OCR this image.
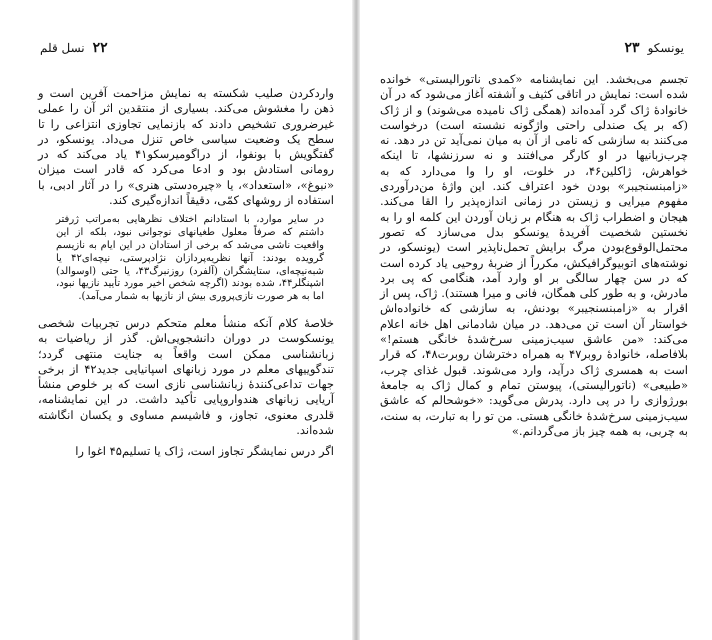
۲۲
نسل قلم

واردکردن صلیب شکسته به نمایش مزاحمت آفرین است و ذهن را مغشوش می‌کند. بسیاری از منتقدین اثر آن را عملی غیرضروری تشخیص دادند که بازنمایی تجاوزی انتزاعی را تا سطح یک وضعیت سیاسی خاص تنزل می‌داد. یونسکو، در گفتگویش با بونفوا، از دراگومیرسکو۴۱ یاد می‌کند که در رومانی استادش بود و ادعا می‌کرد که قادر است میزان «نبوغ»، «استعداد»، یا «چیره‌دستی هنری» را در آثار ادبی، با استفاده از روشهای کمّی، دقیقاً اندازه‌گیری کند.

در سایر موارد، با استادانم اختلاف نظرهایی به‌مراتب ژرفتر داشتم که صرفاً معلول طغیانهای نوجوانی نبود، بلکه از این واقعیت ناشی می‌شد که برخی از استادان در این ایام به نازیسم گرویده بودند: آنها نظریه‌پردازان نژادپرستی، نیچه‌ای۴۲ یا شبه‌نیچه‌ای، ستایشگران (آلفرد) روزنبرگ۴۳، یا حتی (اوسوالد) اشپنگلر۴۴، شده بودند (اگرچه شخص اخیر مورد تأیید نازیها نبود، اما به هر صورت نازی‌پروری بیش از نازیها به شمار می‌آمد).

خلاصهٔ کلام آنکه منشأ معلم متحکم درس تجربیات شخصی یونسکوست در دوران دانشجویی‌اش. گذر از ریاضیات به زبانشناسی ممکن است واقعاً به جنایت منتهی گردد؛ تندگوییهای معلم در مورد زبانهای اسپانیایی جدید۴۲ از برخی جهات تداعی‌کنندهٔ زبانشناسی نازی است که بر خلوص منشأ آریایی زبانهای هندواروپایی تأکید داشت. در این نمایشنامه، قلدری معنوی، تجاوز، و فاشیسم مساوی و یکسان انگاشته شده‌اند.

اگر درس نمایشگر تجاوز است، ژاک یا تسلیم۴۵ اغوا را

یونسکو
۲۳

تجسم می‌بخشد. این نمایشنامه «کمدی ناتورالیستی» خوانده شده است: نمایش در اتاقی کثیف و آشفته آغاز می‌شود که در آن خانوادهٔ ژاک گرد آمده‌اند (همگی ژاک نامیده می‌شوند) و از ژاک (که بر یک صندلی راحتی واژگونه نشسته است) درخواست می‌کنند به سازشی که نامی از آن به میان نمی‌آید تن در دهد. نه چرب‌زبانیها در او کارگر می‌افتند و نه سرزنشها، تا اینکه خواهرش، ژاکلین۴۶، در خلوت، او را وا می‌دارد که به «زامبنسنجیبر» بودن خود اعتراف کند. این واژهٔ من‌درآوردی مفهوم میرایی و زیستن در زمانی اندازه‌پذیر را القا می‌کند. هیجان و اضطراب ژاک به هنگام بر زبان آوردن این کلمه او را به نخستین شخصیت آفریدهٔ یونسکو بدل می‌سازد که تصور محتمل‌الوقوع‌بودن مرگ برایش تحمل‌ناپذیر است (یونسکو، در نوشته‌های اتوبیوگرافیکش، مکرراً از ضربهٔ روحیی یاد کرده است که در سن چهار سالگی بر او وارد آمد، هنگامی که پی برد مادرش، و به طور کلی همگان، فانی و میرا هستند). ژاک، پس از اقرار به «زامبنسنجیبر» بودنش، به سازشی که خانواده‌اش خواستار آن است تن می‌دهد. در میان شادمانی اهل خانه اعلام می‌کند: «من عاشق سیب‌زمینی سرخ‌شدهٔ خانگی هستم!» بلافاصله، خانوادهٔ روبر۴۷ به همراه دخترشان روبرت۴۸، که قرار است به همسری ژاک درآید، وارد می‌شوند. قبول غذای چرب، «طبیعی» (ناتورالیستی)، پیوستن تمام و کمال ژاک به جامعهٔ بورژوازی را در پی دارد. پدرش می‌گوید: «خوشحالم که عاشق سیب‌زمینی سرخ‌شدهٔ خانگی هستی. من تو را به تبارت، به سنت، به چربی، به همه چیز باز می‌گردانم.»
